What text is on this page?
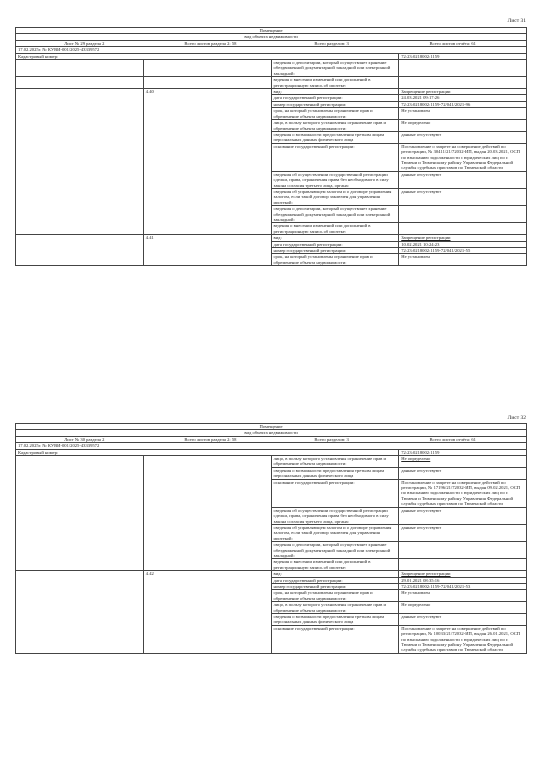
Лист 31
Помещение			
вид объекта недвижимости			
Лист № 29 раздела 2 Всего листов раздела 2: 58 Всего разделов: 3 Всего листов отчёта: 61			
17.02.2025г. № КУВИ-001/2025-43339572			
Кадастровый номер:			72:23:0218002:1159
		сведения о депозитарии, который осуществляет хранение обездвиженной документарной закладной или электронной закладной:	
		ведения о внесении изменений или дополнений в регистрационную запись об ипотеке:	
	4.40	вид:	Запрещение регистрации
		дата государственной регистрации:	24.03.2021 09:17:26
		номер государственной регистрации:	72:23:0218002:1159-72/041/2021-96
		срок, на который установлены ограничение прав и обременение объекта недвижимости:	Не установлен
		лицо, в пользу которого установлены ограничение прав и обременение объекта недвижимости:	Не определено
		сведения о возможности предоставления третьим лицам персональных данных физического лица	данные отсутствуют
		основание государственной регистрации:	Постановление о запрете на совершение действий по регистрации, № 30411/21/72032-ИП, выдан 20.03.2021, ОСП по взысканию задолженности с юридических лиц по г. Тюмени и Тюменскому району Управления Федеральной службы судебных приставов по Тюменской области
		сведения об осуществлении государственной регистрации сделки, права, ограничения права без необходимого в силу закона согласия третьего лица, органа:	данные отсутствуют
		сведения об управляющем залогом и о договоре управления залогом, если такой договор заключен для управления ипотекой:	данные отсутствуют
		сведения о депозитарии, который осуществляет хранение обездвиженной документарной закладной или электронной закладной:	
		ведения о внесении изменений или дополнений в регистрационную запись об ипотеке:	
	4.41	вид:	Запрещение регистрации
		дата государственной регистрации:	10.02.2021 10:24:23
		номер государственной регистрации:	72:23:0218002:1159-72/041/2021-55
		срок, на который установлены ограничение прав и обременение объекта недвижимости:	Не установлен
Лист 32
Помещение			
вид объекта недвижимости			
Лист № 30 раздела 2 Всего листов раздела 2: 58 Всего разделов: 3 Всего листов отчёта: 61			
17.02.2025г. № КУВИ-001/2025-43339572			
Кадастровый номер:			72:23:0218002:1159
		лицо, в пользу которого установлены ограничение прав и обременение объекта недвижимости:	Не определено
		сведения о возможности предоставления третьим лицам персональных данных физического лица	данные отсутствуют
		основание государственной регистрации:	Постановление о запрете на совершение действий по регистрации, № 17196/21/72032-ИП, выдан 09.02.2021, ОСП по взысканию задолженности с юридических лиц по г. Тюмени и Тюменскому району Управления Федеральной службы судебных приставов по Тюменской области
		сведения об осуществлении государственной регистрации сделки, права, ограничения права без необходимого в силу закона согласия третьего лица, органа:	данные отсутствуют
		сведения об управляющем залогом и о договоре управления залогом, если такой договор заключен для управления ипотекой:	данные отсутствуют
		сведения о депозитарии, который осуществляет хранение обездвиженной документарной закладной или электронной закладной:	
		ведения о внесении изменений или дополнений в регистрационную запись об ипотеке:	
	4.42	вид:	Запрещение регистрации
		дата государственной регистрации:	29.01.2021 08:35:16
		номер государственной регистрации:	72:23:0218002:1159-72/041/2021-53
		срок, на который установлены ограничение прав и обременение объекта недвижимости:	Не установлен
		лицо, в пользу которого установлены ограничение прав и обременение объекта недвижимости:	Не определено
		сведения о возможности предоставления третьим лицам персональных данных физического лица	данные отсутствуют
		основание государственной регистрации:	Постановление о запрете на совершение действий по регистрации, № 10033/21/72032-ИП, выдан 26.01.2021, ОСП по взысканию задолженности с юридических лиц по г. Тюмени и Тюменскому району Управления Федеральной службы судебных приставов по Тюменской области
